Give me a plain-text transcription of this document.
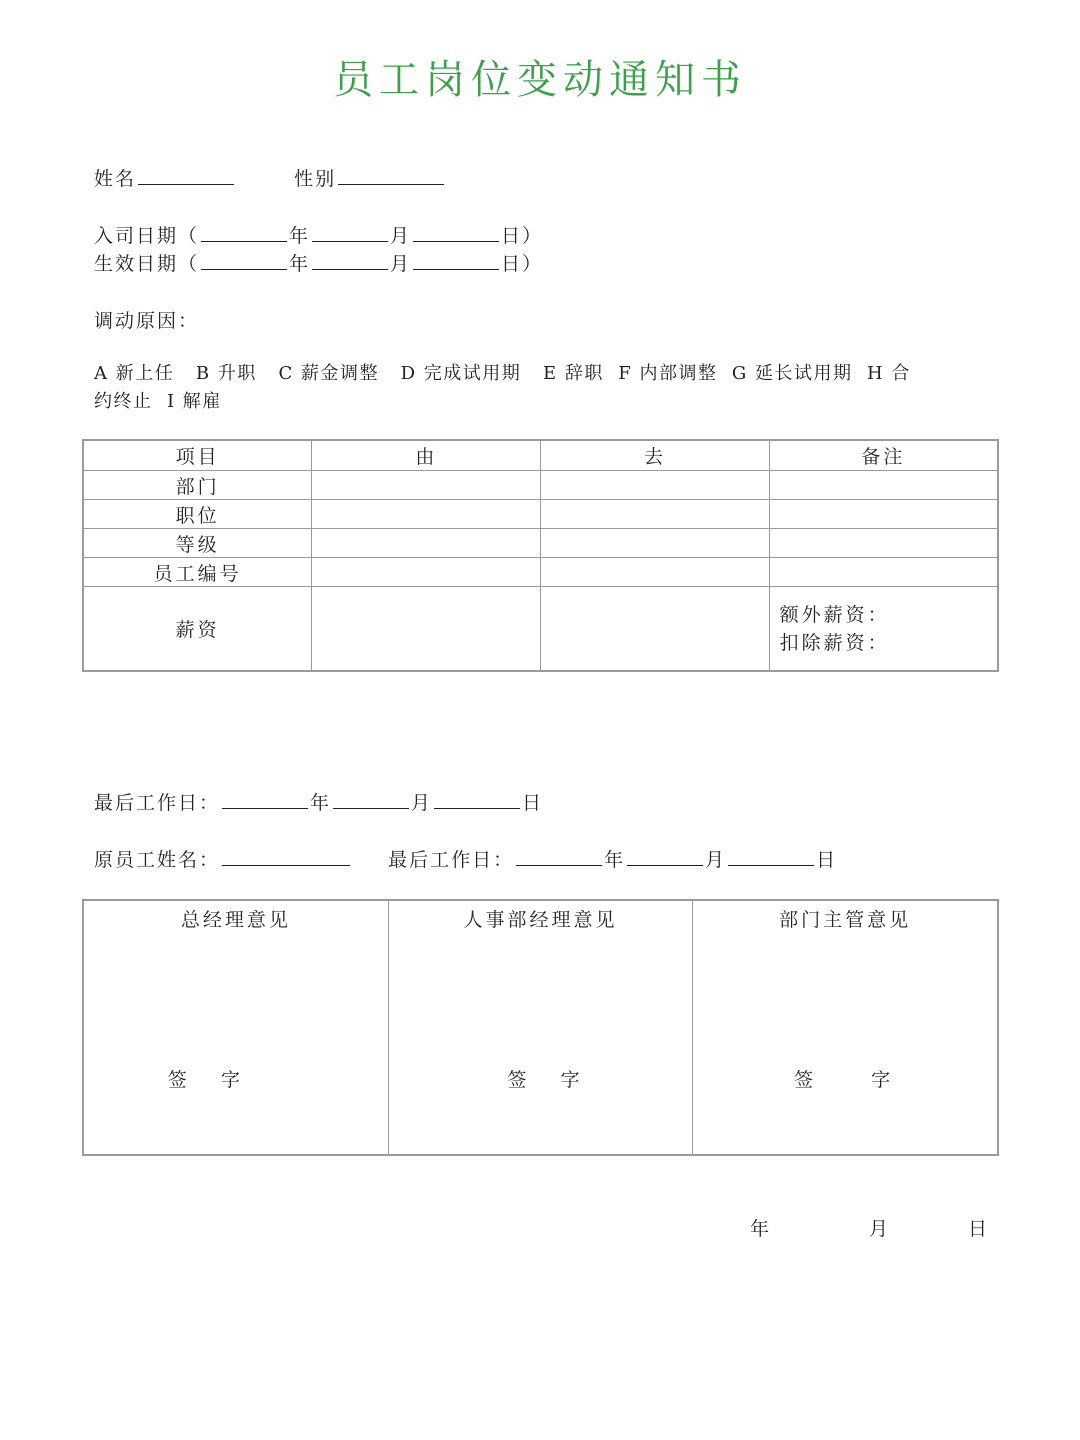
员工岗位变动通知书
姓名	性别
入司日期（	年	月	日）
生效日期（	年	月	日）
调动原因：
A 新上任   B 升职   C 薪金调整   D 完成试用期   E 辞职  F 内部调整  G 延长试用期  H 合
约终止  I 解雇
项目	由	去	备注
部门			
职位			
等级			
员工编号			
薪资			额外薪资：
扣除薪资：
最后工作日：	年	月	日
原员工姓名：	最后工作日：	年	月	日
总经理意见
签 字

人事部经理意见
签 字

部门主管意见
签 字
年	月	日
